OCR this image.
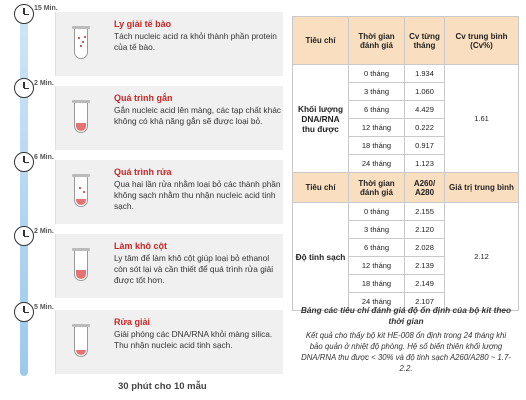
15 Min.
Ly giải tế bào
Tách nucleic acid ra khỏi thành phần protein của tế bào.
2 Min.
Quá trình gắn
Gắn nucleic acid lên màng, các tạp chất khác không có khả năng gắn sẽ được loại bỏ.
6 Min.
Quá trình rửa
Qua hai lần rửa nhằm loại bỏ các thành phần không sạch nhằm thu nhận nucleic acid tinh sạch.
2 Min.
Làm khô cột
Ly tâm để làm khô cột giúp loại bỏ ethanol còn sót lại và cần thiết để quá trình rửa giải được tốt hơn.
5 Min.
Rửa giải
Giải phóng các DNA/RNA khỏi màng silica. Thu nhận nucleic acid tinh sạch.
30 phút cho 10 mẫu
Tiêu chí	Thời gian đánh giá	Cv từng tháng	Cv trung bình (Cv%)
Khối lượng DNA/RNA thu được	0 tháng	1.934	1.61
	3 tháng	1.060	
	6 tháng	4.429	
	12 tháng	0.222	
	18 tháng	0.917	
	24 tháng	1.123	
Tiêu chí	Thời gian đánh giá	A260/ A280	Giá trị trung bình
Độ tinh sạch	0 tháng	2.155	2.12
	3 tháng	2.120	
	6 tháng	2.028	
	12 tháng	2.139	
	18 tháng	2.149	
	24 tháng	2.107	
Bảng các tiêu chí đánh giá độ ổn định của bộ kit theo thời gian
Kết quả cho thấy bộ kit HE-008 ổn định trong 24 tháng khi bảo quản ở nhiệt độ phòng. Hệ số biến thiên khối lượng DNA/RNA thu được < 30% và độ tinh sạch A260/A280 ~ 1.7-2.2.
